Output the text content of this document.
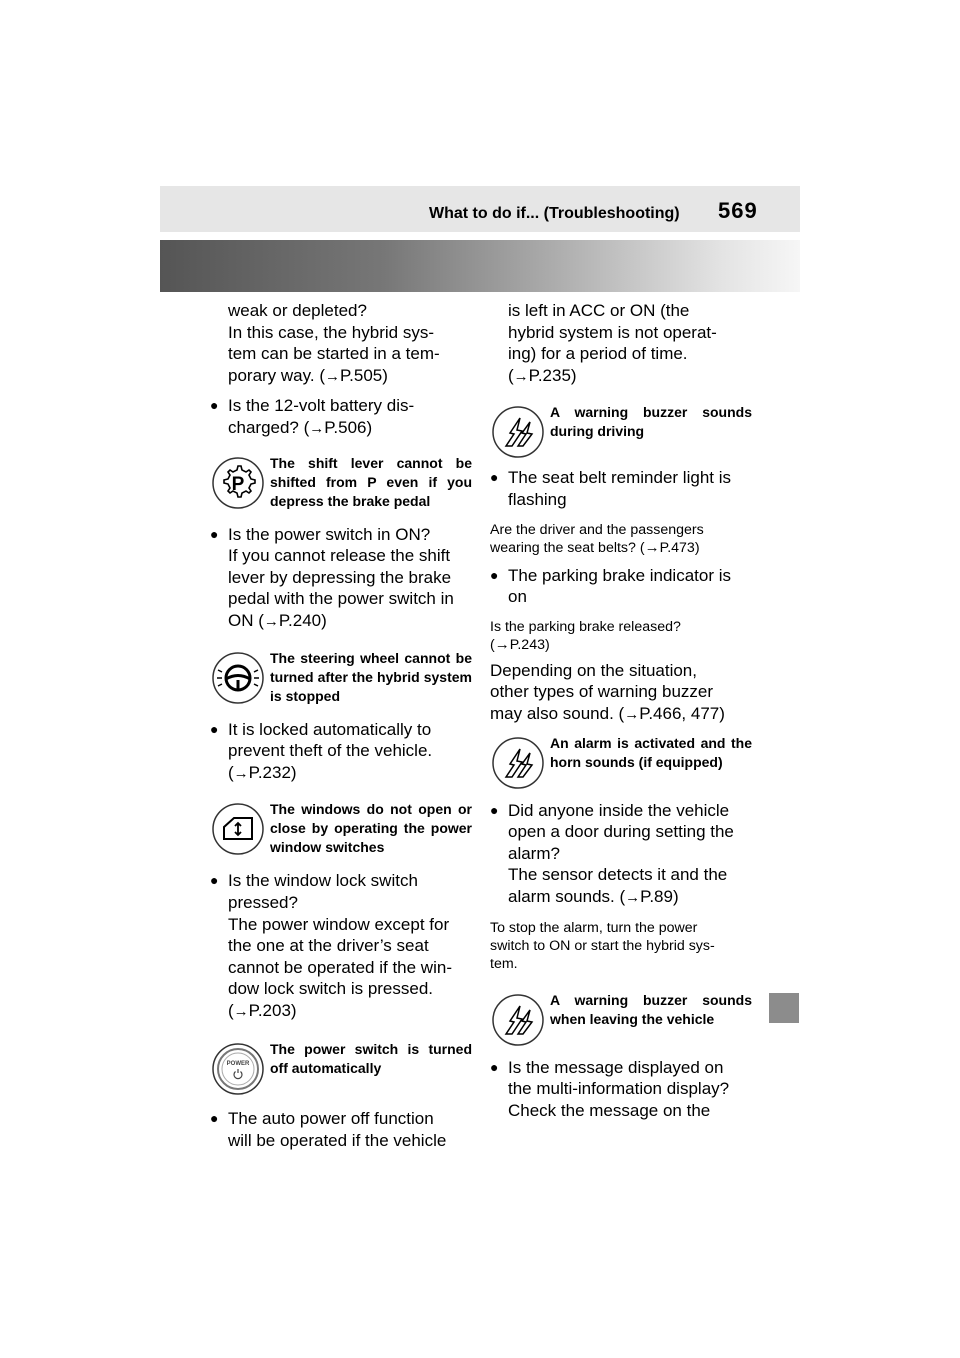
What to do if... (Troubleshooting) 569
weak or depleted?
In this case, the hybrid sys-
tem can be started in a tem-
porary way. (→P.505)
● Is the 12-volt battery dis-
charged? (→P.506)
P
The shift lever cannot be shifted from P even if you depress the brake pedal
● Is the power switch in ON?
If you cannot release the shift
lever by depressing the brake
pedal with the power switch in
ON (→P.240)
The steering wheel cannot be turned after the hybrid system is stopped
● It is locked automatically to
prevent theft of the vehicle.
(→P.232)
The windows do not open or close by operating the power window switches
● Is the window lock switch
pressed?
The power window except for
the one at the driver’s seat
cannot be operated if the win-
dow lock switch is pressed.
(→P.203)
POWER
The power switch is turned off automatically
● The auto power off function
will be operated if the vehicle
is left in ACC or ON (the
hybrid system is not operat-
ing) for a period of time.
(→P.235)
A warning buzzer sounds during driving
● The seat belt reminder light is
flashing
Are the driver and the passengers
wearing the seat belts? (→P.473)
● The parking brake indicator is
on
Is the parking brake released?
(→P.243)
Depending on the situation,
other types of warning buzzer
may also sound. (→P.466, 477)
An alarm is activated and the horn sounds (if equipped)
● Did anyone inside the vehicle
open a door during setting the
alarm?
The sensor detects it and the
alarm sounds. (→P.89)
To stop the alarm, turn the power
switch to ON or start the hybrid sys-
tem.
A warning buzzer sounds when leaving the vehicle
● Is the message displayed on
the multi-information display?
Check the message on the
